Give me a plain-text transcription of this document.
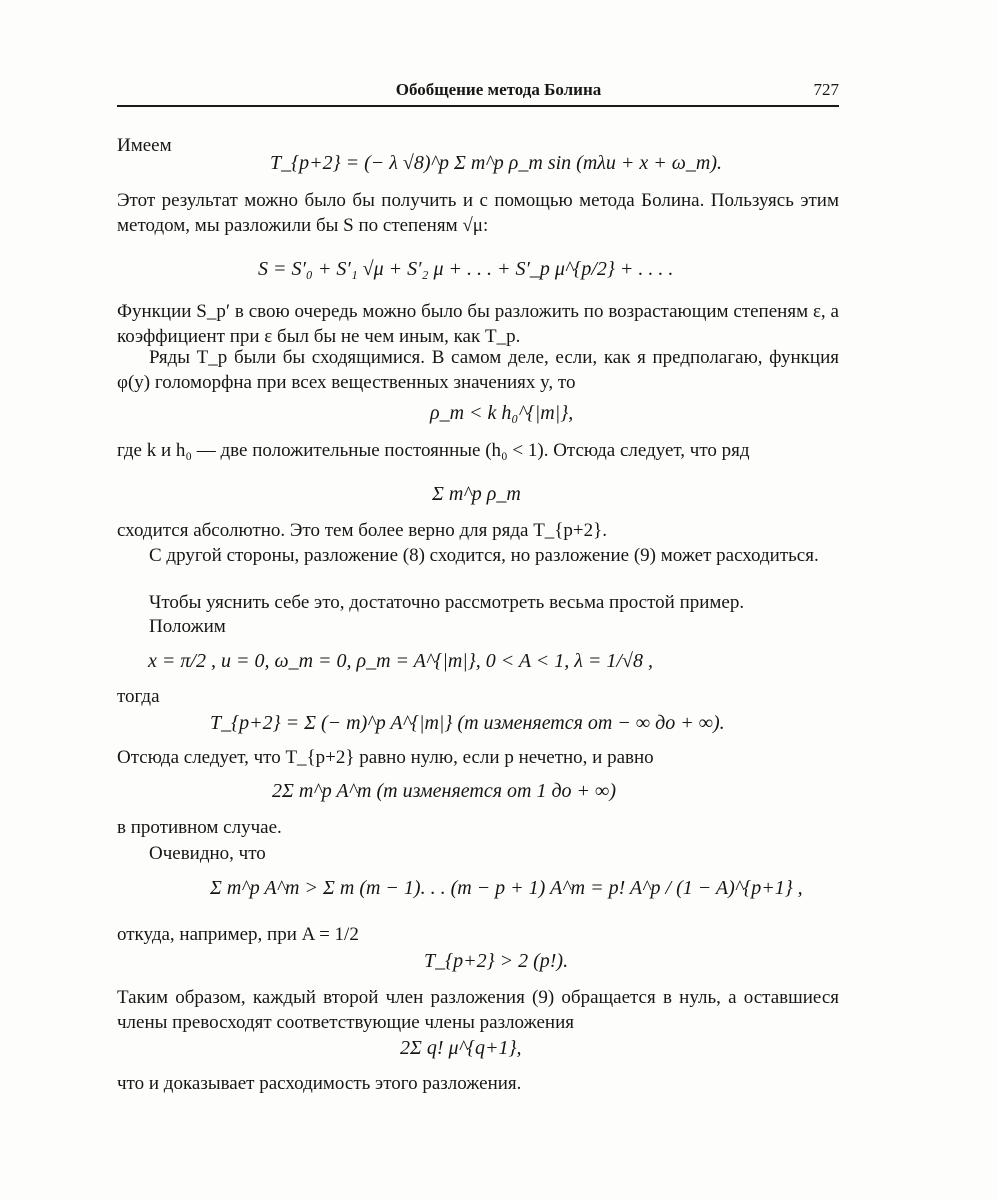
Обобщение метода Болина	727
Имеем
T_{p+2} = (− λ √8)^p Σ m^p ρ_m sin (mλu + x + ω_m).
Этот результат можно было бы получить и с помощью метода Болина. Пользуясь этим методом, мы разложили бы S по степеням √μ:
S = S′₀ + S′₁ √μ + S′₂ μ + . . . + S′_p μ^{p/2} + . . . .
Функции S_p′ в свою очередь можно было бы разложить по возрастающим степеням ε, а коэффициент при ε был бы не чем иным, как T_p.
Ряды T_p были бы сходящимися. В самом деле, если, как я предполагаю, функция φ(y) голоморфна при всех вещественных значениях y, то
ρ_m < k h₀^{|m|},
где k и h₀ — две положительные постоянные (h₀ < 1). Отсюда следует, что ряд
Σ m^p ρ_m
сходится абсолютно. Это тем более верно для ряда T_{p+2}.
С другой стороны, разложение (8) сходится, но разложение (9) может расходиться.
Чтобы уяснить себе это, достаточно рассмотреть весьма простой пример.
Положим
x = π/2 , u = 0, ω_m = 0, ρ_m = A^{|m|}, 0 < A < 1, λ = 1/√8 ,
тогда
T_{p+2} = Σ (− m)^p A^{|m|} (m изменяется от − ∞ до + ∞).
Отсюда следует, что T_{p+2} равно нулю, если p нечетно, и равно
2Σ m^p A^m (m изменяется от 1 до + ∞)
в противном случае.
Очевидно, что
Σ m^p A^m > Σ m (m − 1). . . (m − p + 1) A^m = p! A^p / (1 − A)^{p+1} ,
откуда, например, при A = 1/2
T_{p+2} > 2 (p!).
Таким образом, каждый второй член разложения (9) обращается в нуль, а оставшиеся члены превосходят соответствующие члены разложения
2Σ q! μ^{q+1},
что и доказывает расходимость этого разложения.
